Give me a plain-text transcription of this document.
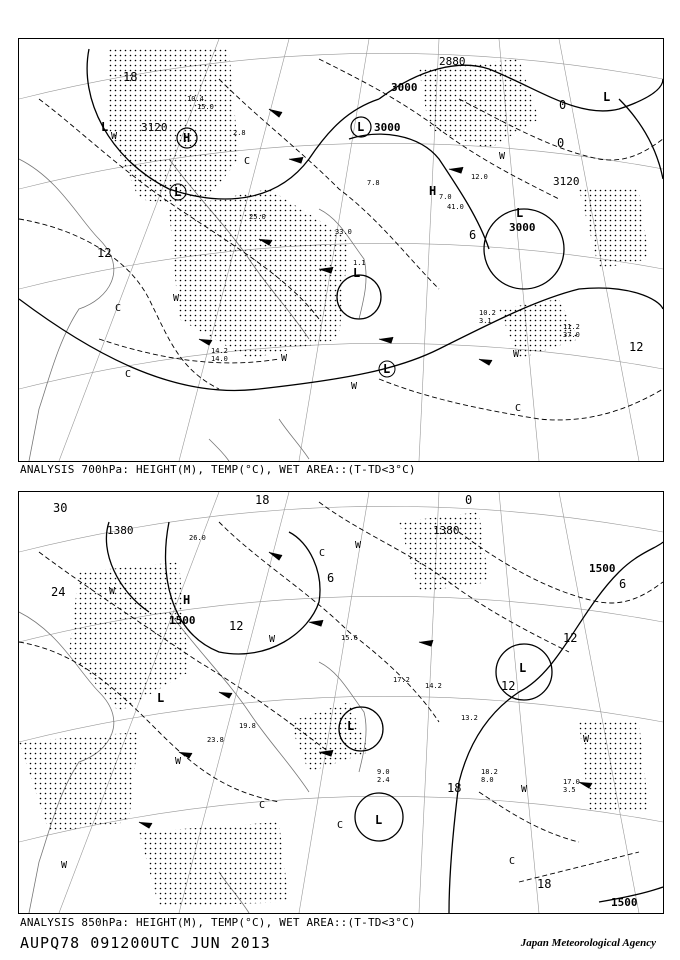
3120
2880
3000
3000
3000
3120
H
L	L
L
L
L
H
L
L
18
12
6
0
0
12
W
C	W
C
W
W
W
C
W
C
10.4
15.0
2.8
25.0
7.0
41.0
7.8
33.0
12.0
1.1
14.2
14.0
10.2
3.1
11.2
37.0
ANALYSIS 700hPa: HEIGHT(M), TEMP(°C), WET AREA::(T-TD<3°C)
1380	1380
1500
1500
1500
H
L
L
L
L
30
24
18
12
6
0
12
12
18
18
6
W
W
C
W
C
W
W	C
W
W
C
23.8
19.8
15.6
17.2
13.2
18.2
8.0	17.0
3.5
9.0
2.4
14.2
26.0
ANALYSIS 850hPa: HEIGHT(M), TEMP(°C), WET AREA::(T-TD<3°C)
AUPQ78 091200UTC JUN 2013	Japan Meteorological Agency
